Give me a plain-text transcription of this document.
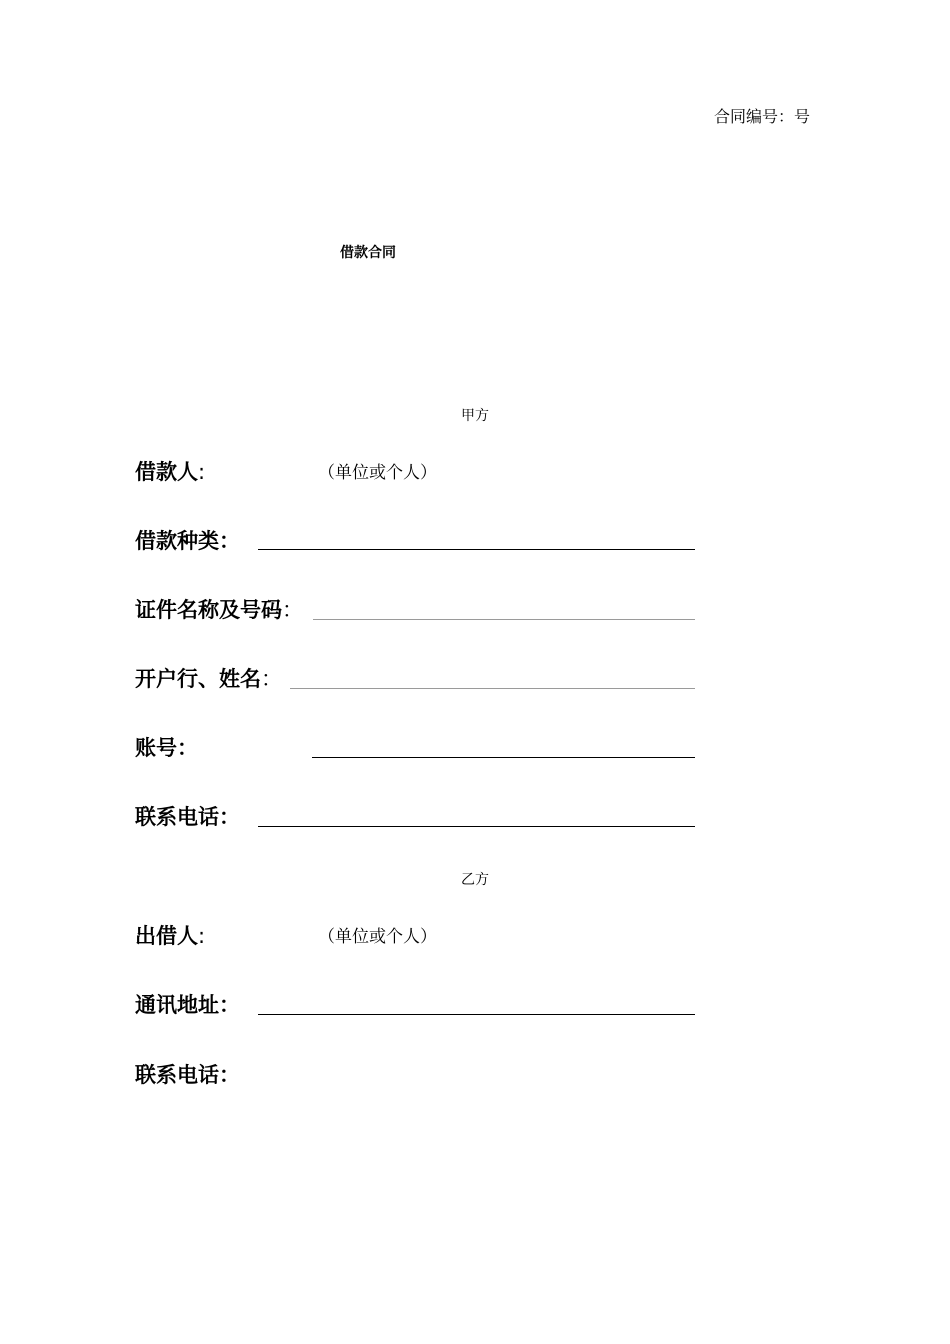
合同编号：号
借款合同
甲方
借款人:	（单位或个人）
借款种类：
证件名称及号码：
开户行、姓名：
账号：
联系电话：
乙方
出借人:	（单位或个人）
通讯地址：
联系电话：
